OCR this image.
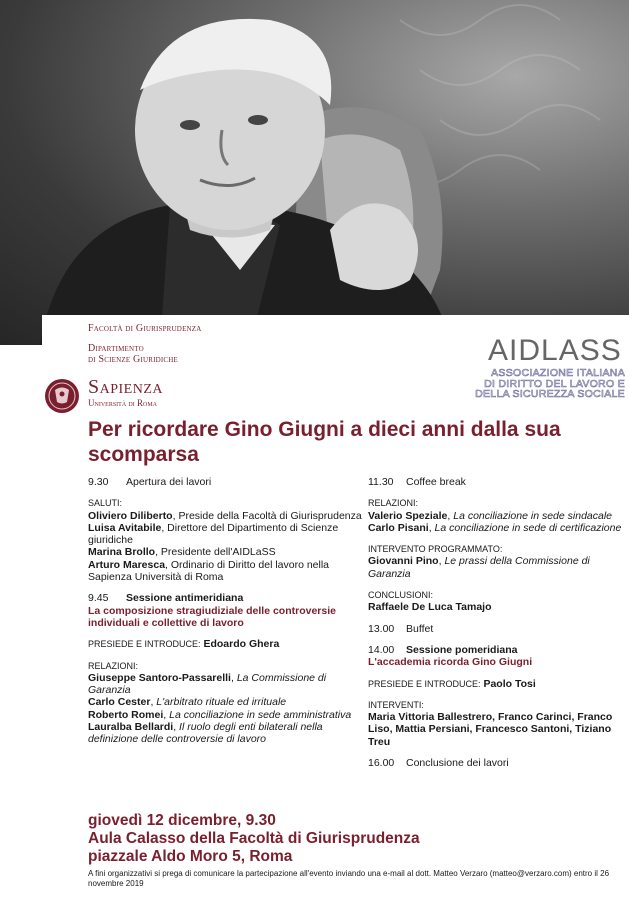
Facoltà di Giurisprudenza
Dipartimento
di Scienze Giuridiche
Sapienza
Università di Roma
AIDLASS
ASSOCIAZIONE ITALIANA
DI DIRITTO DEL LAVORO E
DELLA SICUREZZA SOCIALE
Per ricordare Gino Giugni a dieci anni dalla sua scomparsa
9.30 Apertura dei lavori
SALUTI:
Oliviero Diliberto, Preside della Facoltà di Giurisprudenza
Luisa Avitabile, Direttore del Dipartimento di Scienze giuridiche
Marina Brollo, Presidente dell'AIDLaSS
Arturo Maresca, Ordinario di Diritto del lavoro nella Sapienza Università di Roma
9.45 Sessione antimeridiana
La composizione stragiudiziale delle controversie individuali e collettive di lavoro
PRESIEDE E INTRODUCE: Edoardo Ghera
RELAZIONI:
Giuseppe Santoro-Passarelli, La Commissione di Garanzia
Carlo Cester, L'arbitrato rituale ed irrituale
Roberto Romei, La conciliazione in sede amministrativa
Lauralba Bellardi, Il ruolo degli enti bilaterali nella definizione delle controversie di lavoro
11.30 Coffee break
RELAZIONI:
Valerio Speziale, La conciliazione in sede sindacale
Carlo Pisani, La conciliazione in sede di certificazione
INTERVENTO PROGRAMMATO:
Giovanni Pino, Le prassi della Commissione di Garanzia
CONCLUSIONI:
Raffaele De Luca Tamajo
13.00 Buffet
14.00 Sessione pomeridiana
L'accademia ricorda Gino Giugni
PRESIEDE E INTRODUCE: Paolo Tosi
INTERVENTI:
Maria Vittoria Ballestrero, Franco Carinci, Franco Liso, Mattia Persiani, Francesco Santoni, Tiziano Treu
16.00 Conclusione dei lavori
giovedì 12 dicembre, 9.30
Aula Calasso della Facoltà di Giurisprudenza
piazzale Aldo Moro 5, Roma
A fini organizzativi si prega di comunicare la partecipazione all'evento inviando una e-mail al dott. Matteo Verzaro (matteo@verzaro.com) entro il 26 novembre 2019
